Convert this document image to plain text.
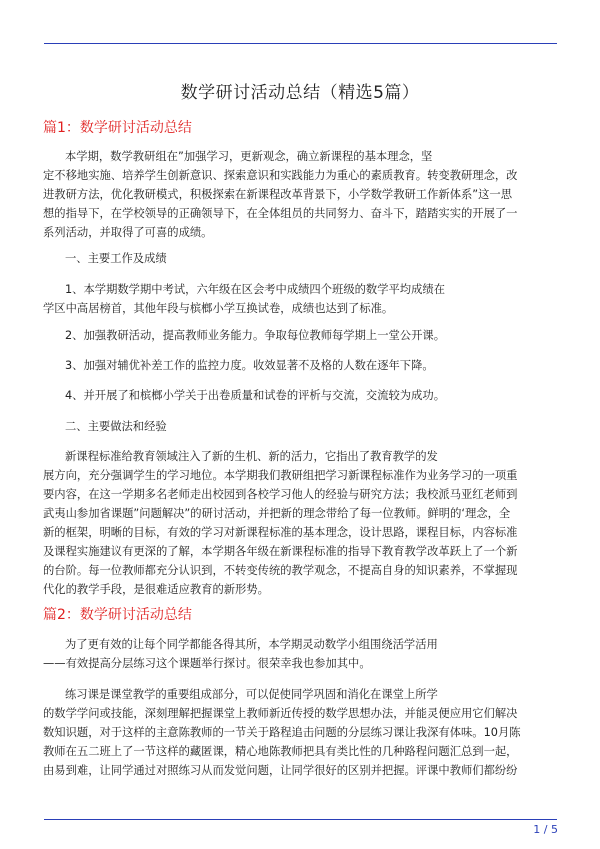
数学研讨活动总结（精选5篇）
篇1：数学研讨活动总结
本学期，数学教研组在”加强学习，更新观念，确立新课程的基本理念，坚
定不移地实施、培养学生创新意识、探索意识和实践能力为重心的素质教育。转变教研理念，改
进教研方法，优化教研模式，积极探索在新课程改革背景下，小学数学教研工作新体系”这一思
想的指导下，在学校领导的正确领导下，在全体组员的共同努力、奋斗下，踏踏实实的开展了一
系列活动，并取得了可喜的成绩。
一、主要工作及成绩
1、本学期数学期中考试，六年级在区会考中成绩四个班级的数学平均成绩在
学区中高居榜首，其他年段与槟榔小学互换试卷，成绩也达到了标准。
2、加强教研活动，提高教师业务能力。争取每位教师每学期上一堂公开课。
3、加强对辅优补差工作的监控力度。收效显著不及格的人数在逐年下降。
4、并开展了和槟榔小学关于出卷质量和试卷的评析与交流，交流较为成功。
二、主要做法和经验
新课程标准给教育领域注入了新的生机、新的活力，它指出了教育教学的发
展方向，充分强调学生的学习地位。本学期我们教研组把学习新课程标准作为业务学习的一项重
要内容，在这一学期多名老师走出校园到各校学习他人的经验与研究方法；我校派马亚红老师到
武夷山参加省课题”问题解决”的研讨活动，并把新的理念带给了每一位教师。鲜明的‘理念，全
新的框架，明晰的目标，有效的学习对新课程标准的基本理念，设计思路，课程目标，内容标准
及课程实施建议有更深的了解，本学期各年级在新课程标准的指导下教育教学改革跃上了一个新
的台阶。每一位教师都充分认识到，不转变传统的教学观念，不提高自身的知识素养，不掌握现
代化的教学手段，是很难适应教育的新形势。
篇2：数学研讨活动总结
为了更有效的让每个同学都能各得其所，本学期灵动数学小组围绕活学活用
——有效提高分层练习这个课题举行探讨。很荣幸我也参加其中。
练习课是课堂教学的重要组成部分，可以促使同学巩固和消化在课堂上所学
的数学学问或技能，深刻理解把握课堂上教师新近传授的数学思想办法，并能灵便应用它们解决
数知识题，对于这样的主意陈教师的一节关于路程追击问题的分层练习课让我深有体味。10月陈
教师在五二班上了一节这样的藏匿课，精心地陈教师把具有类比性的几种路程问题汇总到一起，
由易到难，让同学通过对照练习从而发觉问题，让同学很好的区别并把握。评课中教师们都纷纷
1 / 5
